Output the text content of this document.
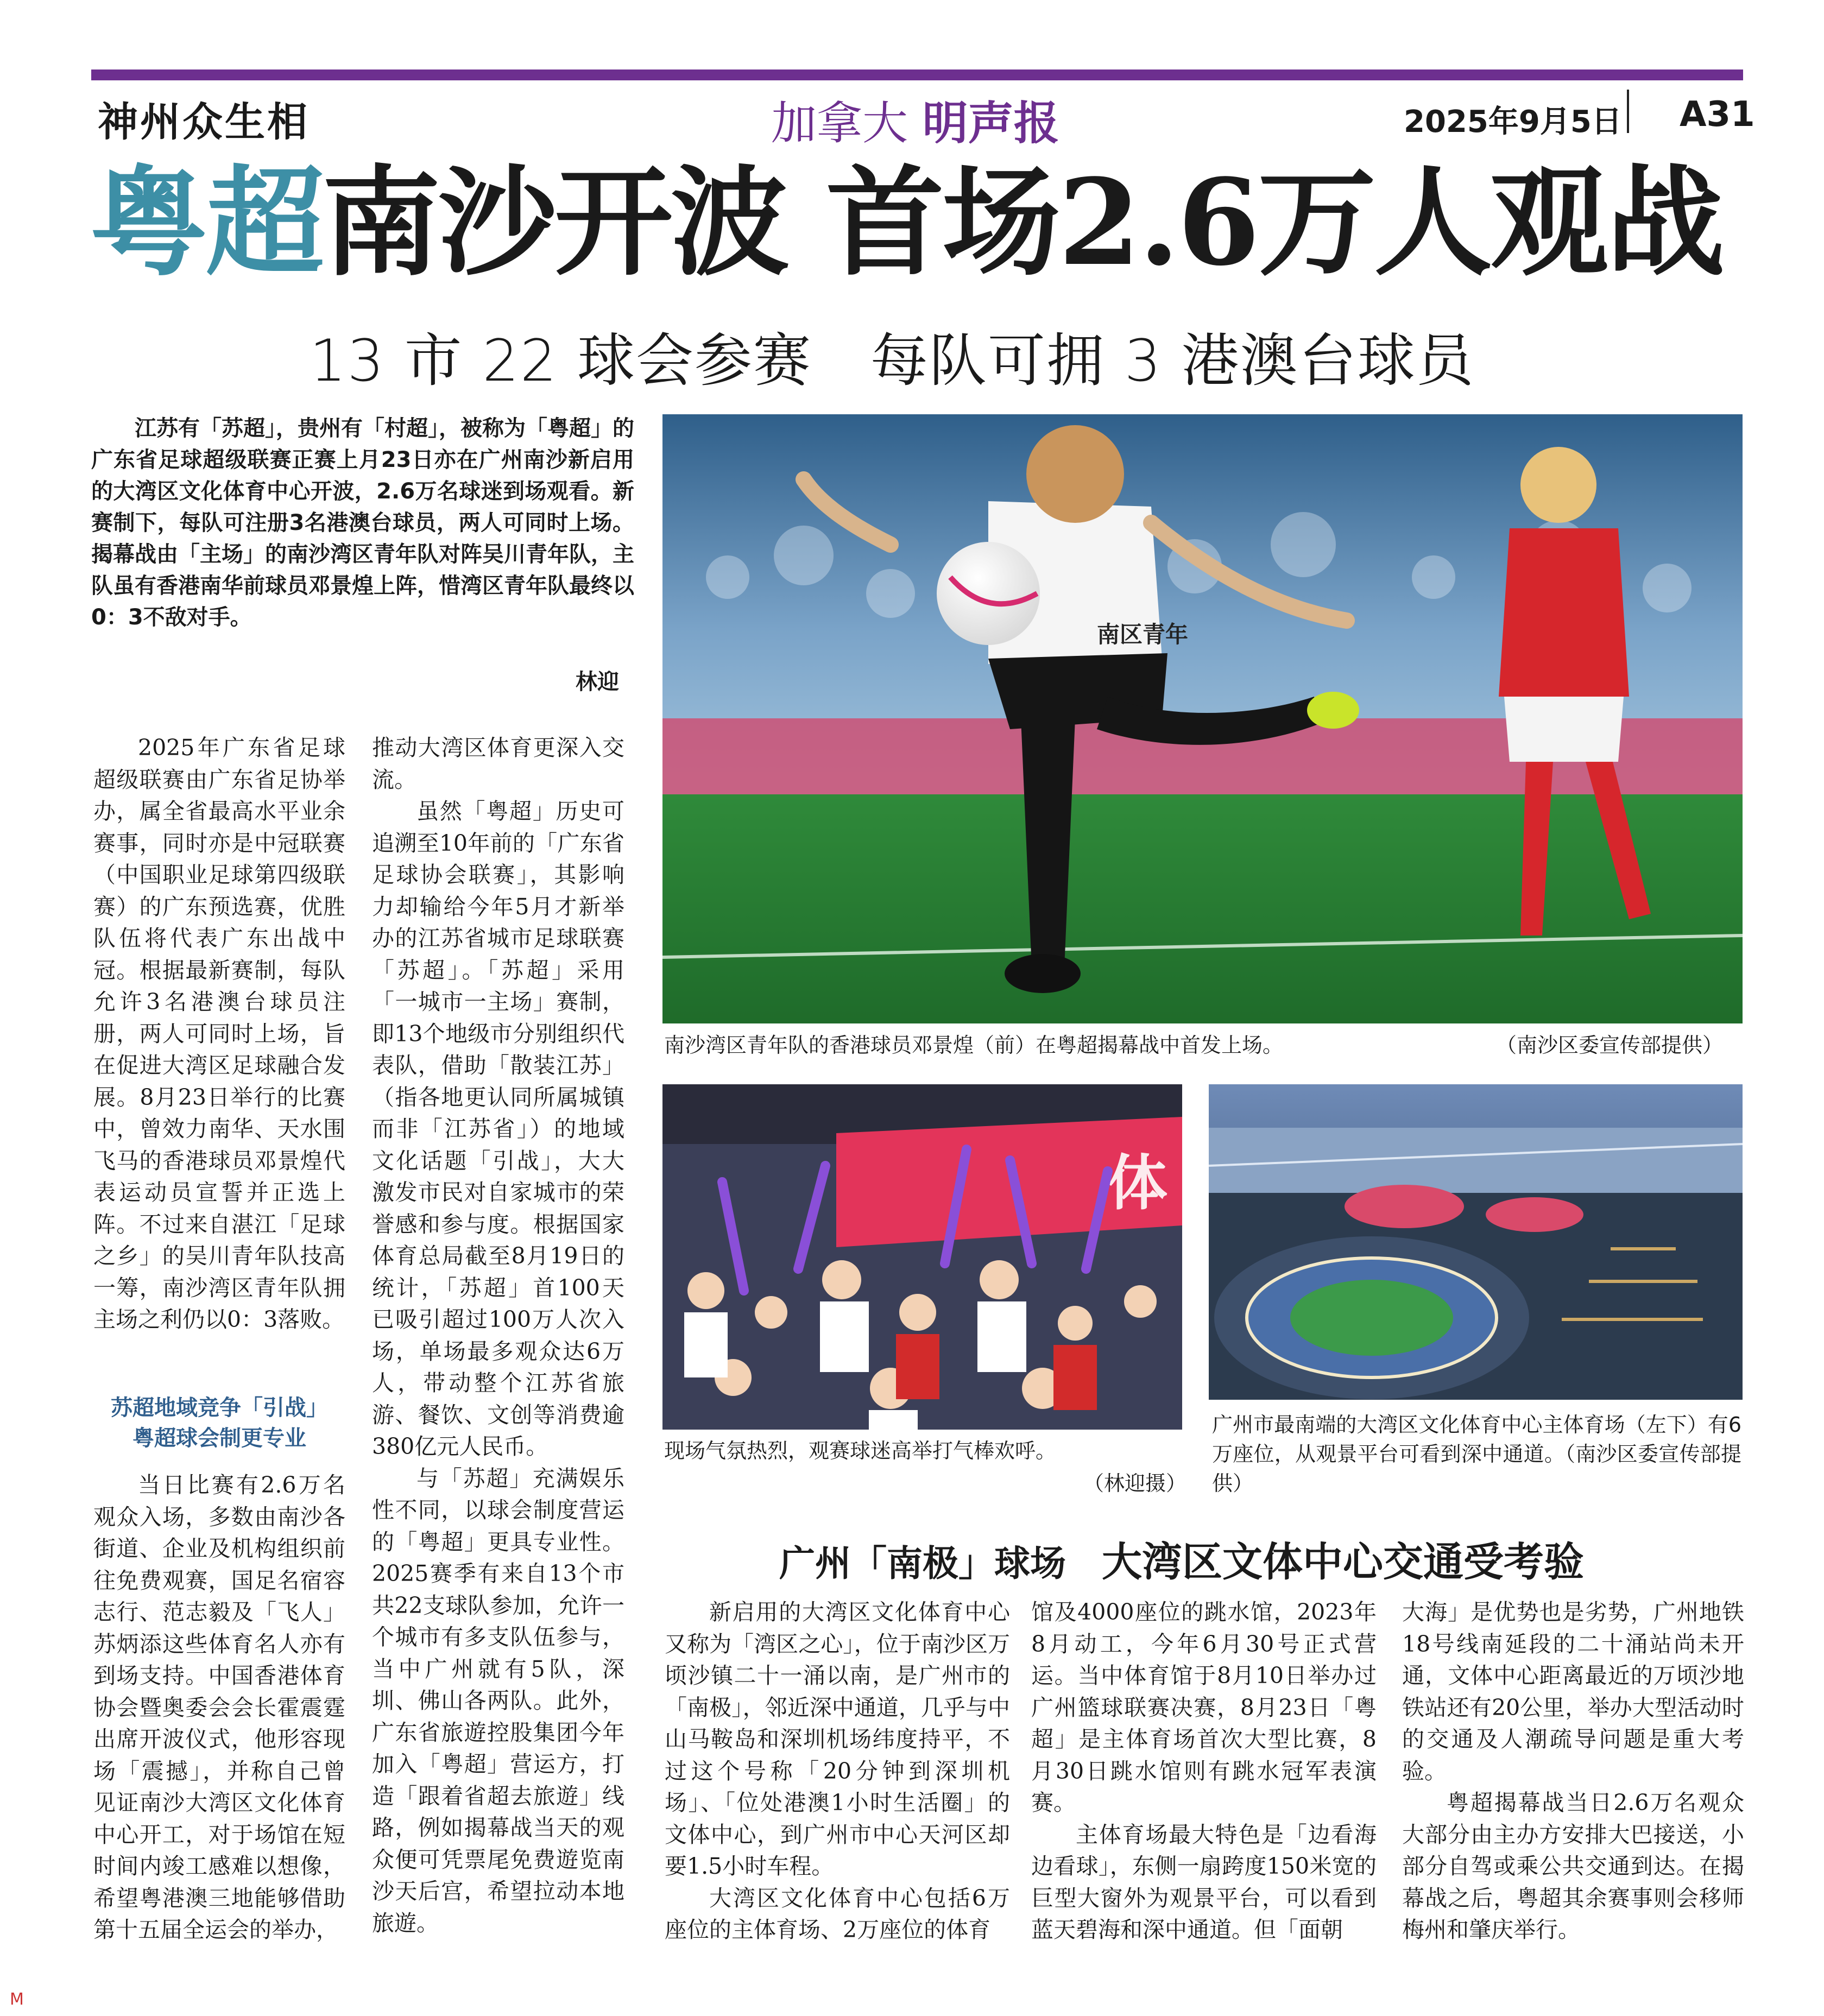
神州众生相	加拿大 明声报	2025年9月5日 A31
粤超南沙开波 首场2.6万人观战
13 市 22 球会参赛　每队可拥 3 港澳台球员
江苏有「苏超」，贵州有「村超」，被称为「粤超」的广东省足球超级联赛正赛上月23日亦在广州南沙新启用的大湾区文化体育中心开波，2.6万名球迷到场观看。新赛制下，每队可注册3名港澳台球员，两人可同时上场。揭幕战由「主场」的南沙湾区青年队对阵吴川青年队，主队虽有香港南华前球员邓景煌上阵，惜湾区青年队最终以0：3不敌对手。
林迎

2025年广东省足球超级联赛由广东省足协举办，属全省最高水平业余赛事，同时亦是中冠联赛（中国职业足球第四级联赛）的广东预选赛，优胜队伍将代表广东出战中冠。根据最新赛制，每队允许3名港澳台球员注册，两人可同时上场，旨在促进大湾区足球融合发展。8月23日举行的比赛中，曾效力南华、天水围飞马的香港球员邓景煌代表运动员宣誓并正选上阵。不过来自湛江「足球之乡」的吴川青年队技高一筹，南沙湾区青年队拥主场之利仍以0：3落败。

苏超地域竞争「引战」
粤超球会制更专业

当日比赛有2.6万名观众入场，多数由南沙各街道、企业及机构组织前往免费观赛，国足名宿容志行、范志毅及「飞人」苏炳添这些体育名人亦有到场支持。中国香港体育协会暨奥委会会长霍震霆出席开波仪式，他形容现场「震撼」，并称自己曾见证南沙大湾区文化体育中心开工，对于场馆在短时间内竣工感难以想像，希望粤港澳三地能够借助第十五届全运会的举办，

推动大湾区体育更深入交流。

虽然「粤超」历史可追溯至10年前的「广东省足球协会联赛」，其影响力却输给今年5月才新举办的江苏省城市足球联赛「苏超」。「苏超」采用「一城市一主场」赛制，即13个地级市分别组织代表队，借助「散装江苏」（指各地更认同所属城镇而非「江苏省」）的地域文化话题「引战」，大大激发市民对自家城市的荣誉感和参与度。根据国家体育总局截至8月19日的统计，「苏超」首100天已吸引超过100万人次入场，单场最多观众达6万人，带动整个江苏省旅游、餐饮、文创等消费逾380亿元人民币。

与「苏超」充满娱乐性不同，以球会制度营运的「粤超」更具专业性。2025赛季有来自13个市共22支球队参加，允许一个城市有多支队伍参与，当中广州就有5队，深圳、佛山各两队。此外，广东省旅遊控股集团今年加入「粤超」营运方，打造「跟着省超去旅遊」线路，例如揭幕战当天的观众便可凭票尾免费遊览南沙天后宫，希望拉动本地旅遊。

南区青年
南沙湾区青年队的香港球员邓景煌（前）在粤超揭幕战中首发上场。	（南沙区委宣传部提供）
体
现场气氛热烈，观赛球迷高举打气棒欢呼。
（林迎摄）
广州市最南端的大湾区文化体育中心主体育场（左下）有6万座位，从观景平台可看到深中通道。（南沙区委宣传部提供）
广州「南极」球场　 大湾区文体中心交通受考验

新启用的大湾区文化体育中心又称为「湾区之心」，位于南沙区万顷沙镇二十一涌以南，是广州市的「南极」，邻近深中通道，几乎与中山马鞍岛和深圳机场纬度持平，不过这个号称「20分钟到深圳机场」、「位处港澳1小时生活圈」的文体中心，到广州市中心天河区却要1.5小时车程。

大湾区文化体育中心包括6万座位的主体育场、2万座位的体育

馆及4000座位的跳水馆，2023年8月动工，今年6月30号正式营运。当中体育馆于8月10日举办过广州篮球联赛决赛，8月23日「粤超」是主体育场首次大型比赛，8月30日跳水馆则有跳水冠军表演赛。

主体育场最大特色是「边看海边看球」，东侧一扇跨度150米宽的巨型大窗外为观景平台，可以看到蓝天碧海和深中通道。但「面朝

大海」是优势也是劣势，广州地铁18号线南延段的二十涌站尚未开通，文体中心距离最近的万顷沙地铁站还有20公里，举办大型活动时的交通及人潮疏导问题是重大考验。

粤超揭幕战当日2.6万名观众大部分由主办方安排大巴接送，小部分自驾或乘公共交通到达。在揭幕战之后，粤超其余赛事则会移师梅州和肇庆举行。

M
